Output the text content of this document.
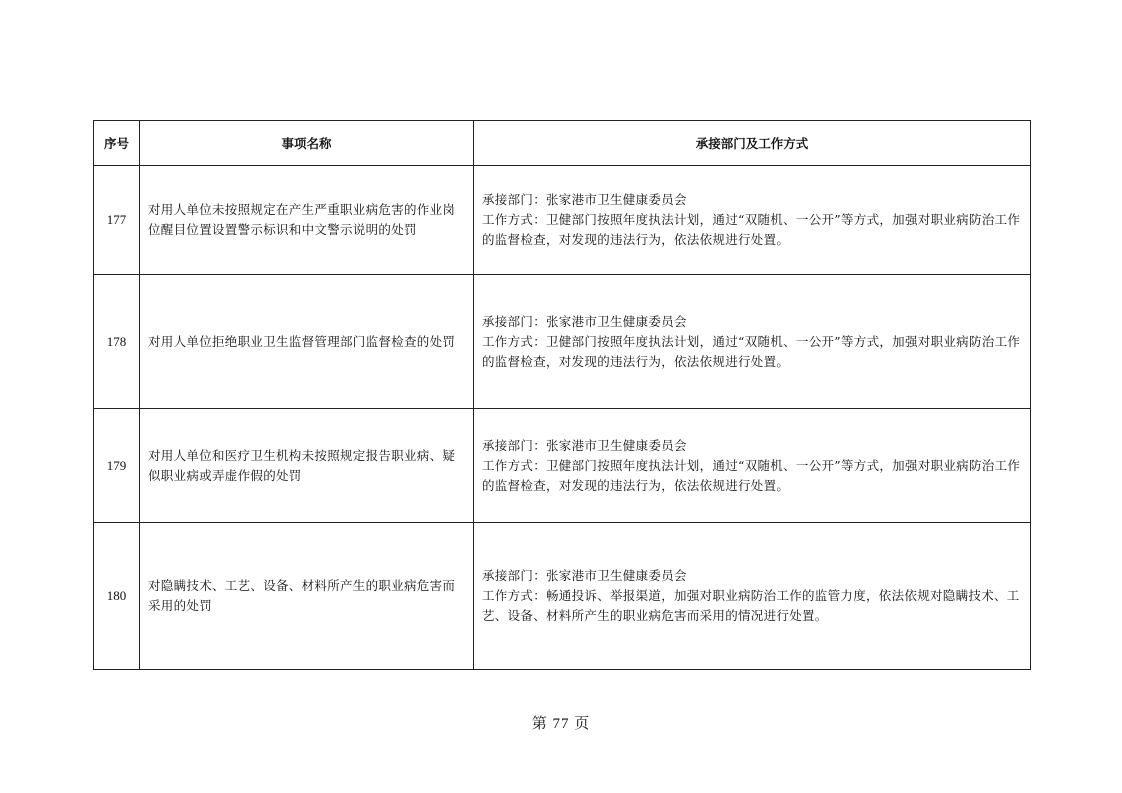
序号	事项名称	承接部门及工作方式
177	对用人单位未按照规定在产生严重职业病危害的作业岗位醒目位置设置警示标识和中文警示说明的处罚	承接部门：张家港市卫生健康委员会
工作方式：卫健部门按照年度执法计划，通过“双随机、一公开”等方式，加强对职业病防治工作的监督检查，对发现的违法行为，依法依规进行处置。

178	对用人单位拒绝职业卫生监督管理部门监督检查的处罚	承接部门：张家港市卫生健康委员会
工作方式：卫健部门按照年度执法计划，通过“双随机、一公开”等方式，加强对职业病防治工作的监督检查，对发现的违法行为，依法依规进行处置。

179	对用人单位和医疗卫生机构未按照规定报告职业病、疑似职业病或弄虚作假的处罚	承接部门：张家港市卫生健康委员会
工作方式：卫健部门按照年度执法计划，通过“双随机、一公开”等方式，加强对职业病防治工作的监督检查，对发现的违法行为，依法依规进行处置。

180	对隐瞒技术、工艺、设备、材料所产生的职业病危害而采用的处罚	承接部门：张家港市卫生健康委员会
工作方式：畅通投诉、举报渠道，加强对职业病防治工作的监管力度，依法依规对隐瞒技术、工艺、设备、材料所产生的职业病危害而采用的情况进行处置。
第 77 页
